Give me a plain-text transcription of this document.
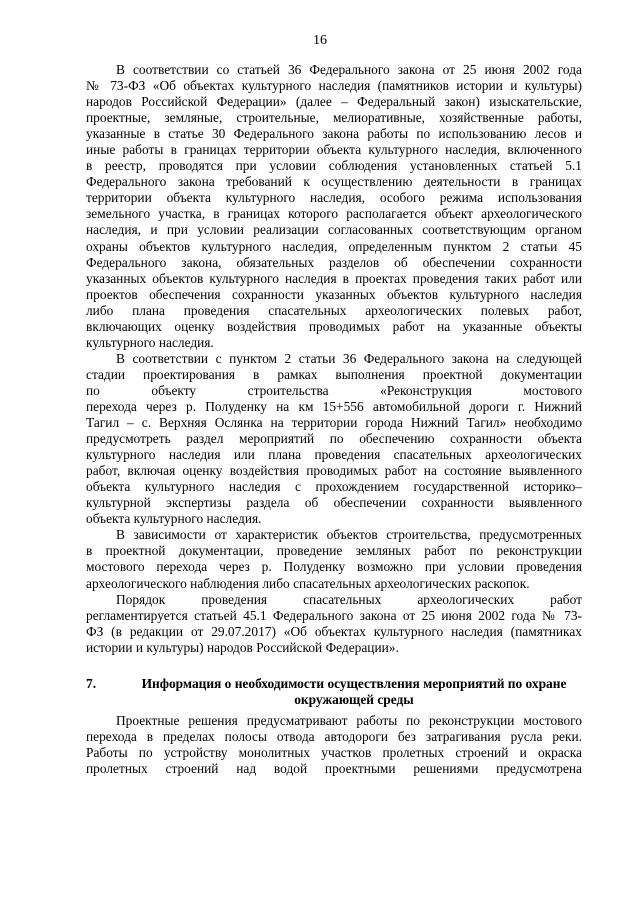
16
В соответствии со статьей 36 Федерального закона от 25 июня 2002 года
№ 73-ФЗ «Об объектах культурного наследия (памятников истории и культуры)
народов Российской Федерации» (далее – Федеральный закон) изыскательские,
проектные, земляные, строительные, мелиоративные, хозяйственные работы,
указанные в статье 30 Федерального закона работы по использованию лесов и
иные работы в границах территории объекта культурного наследия, включенного
в реестр, проводятся при условии соблюдения установленных статьей 5.1
Федерального закона требований к осуществлению деятельности в границах
территории объекта культурного наследия, особого режима использования
земельного участка, в границах которого располагается объект археологического
наследия, и при условии реализации согласованных соответствующим органом
охраны объектов культурного наследия, определенным пунктом 2 статьи 45
Федерального закона, обязательных разделов об обеспечении сохранности
указанных объектов культурного наследия в проектах проведения таких работ или
проектов обеспечения сохранности указанных объектов культурного наследия
либо плана проведения спасательных археологических полевых работ,
включающих оценку воздействия проводимых работ на указанные объекты
культурного наследия.
В соответствии с пунктом 2 статьи 36 Федерального закона на следующей
стадии проектирования в рамках выполнения проектной документации
по объекту строительства «Реконструкция мостового
перехода через р. Полуденку на км 15+556 автомобильной дороги г. Нижний
Тагил – с. Верхняя Ослянка на территории города Нижний Тагил» необходимо
предусмотреть раздел мероприятий по обеспечению сохранности объекта
культурного наследия или плана проведения спасательных археологических
работ, включая оценку воздействия проводимых работ на состояние выявленного
объекта культурного наследия с прохождением государственной историко–
культурной экспертизы раздела об обеспечении сохранности выявленного
объекта культурного наследия.
В зависимости от характеристик объектов строительства, предусмотренных
в проектной документации, проведение земляных работ по реконструкции
мостового перехода через р. Полуденку возможно при условии проведения
археологического наблюдения либо спасательных археологических раскопок.
Порядок проведения спасательных археологических работ
регламентируется статьей 45.1 Федерального закона от 25 июня 2002 года № 73-
ФЗ (в редакции от 29.07.2017) «Об объектах культурного наследия (памятниках
истории и культуры) народов Российской Федерации».
7.	Информация о необходимости осуществления мероприятий по охране
окружающей среды
Проектные решения предусматривают работы по реконструкции мостового
перехода в пределах полосы отвода автодороги без затрагивания русла реки.
Работы по устройству монолитных участков пролетных строений и окраска
пролетных строений над водой проектными решениями предусмотрена
